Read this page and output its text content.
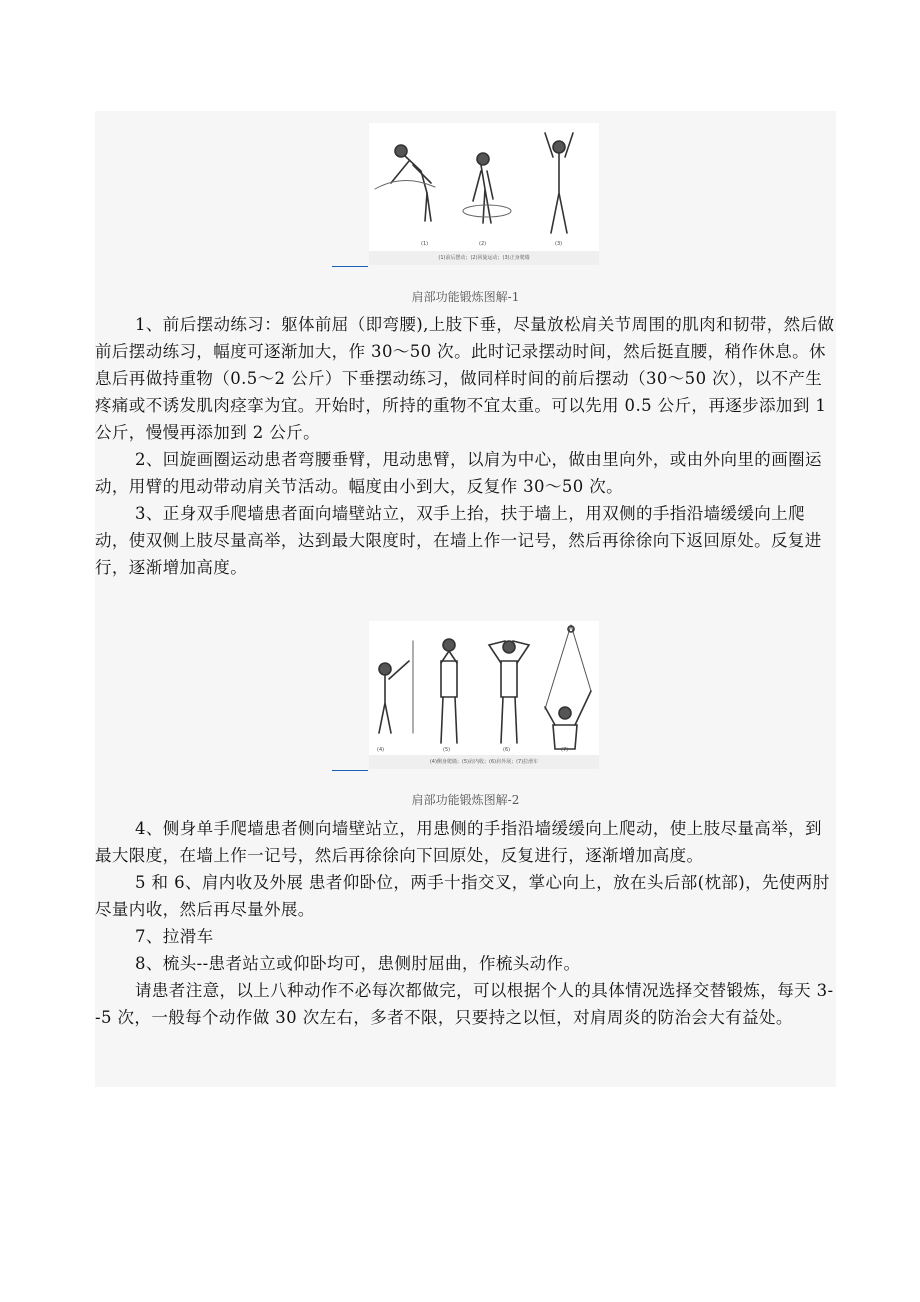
(1)	(2)	(3)
(1)前后摆动；(2)回旋运动；(3)正身爬墙
肩部功能锻炼图解-1

1、前后摆动练习：躯体前屈（即弯腰),上肢下垂，尽量放松肩关节周围的肌肉和韧带，然后做前后摆动练习，幅度可逐渐加大，作 30～50 次。此时记录摆动时间，然后挺直腰，稍作休息。休息后再做持重物（0.5～2 公斤）下垂摆动练习，做同样时间的前后摆动（30～50 次），以不产生疼痛或不诱发肌肉痉挛为宜。开始时，所持的重物不宜太重。可以先用 0.5 公斤，再逐步添加到 1 公斤，慢慢再添加到 2 公斤。

2、回旋画圈运动患者弯腰垂臂，甩动患臂，以肩为中心，做由里向外，或由外向里的画圈运动，用臂的甩动带动肩关节活动。幅度由小到大，反复作 30～50 次。

3、正身双手爬墙患者面向墙壁站立，双手上抬，扶于墙上，用双侧的手指沿墙缓缓向上爬动，使双侧上肢尽量高举，达到最大限度时，在墙上作一记号，然后再徐徐向下返回原处。反复进行，逐渐增加高度。

(4)	(5)	(6)	(7)
(4)侧身爬墙；(5)肩内收；(6)肩外展；(7)拉滑车
肩部功能锻炼图解-2

4、侧身单手爬墙患者侧向墙壁站立，用患侧的手指沿墙缓缓向上爬动，使上肢尽量高举，到最大限度，在墙上作一记号，然后再徐徐向下回原处，反复进行，逐渐增加高度。

5 和 6、肩内收及外展 患者仰卧位，两手十指交叉，掌心向上，放在头后部(枕部)，先使两肘尽量内收，然后再尽量外展。

7、拉滑车

8、梳头--患者站立或仰卧均可，患侧肘屈曲，作梳头动作。

请患者注意，以上八种动作不必每次都做完，可以根据个人的具体情况选择交替锻炼，每天 3--5 次，一般每个动作做 30 次左右，多者不限，只要持之以恒，对肩周炎的防治会大有益处。
